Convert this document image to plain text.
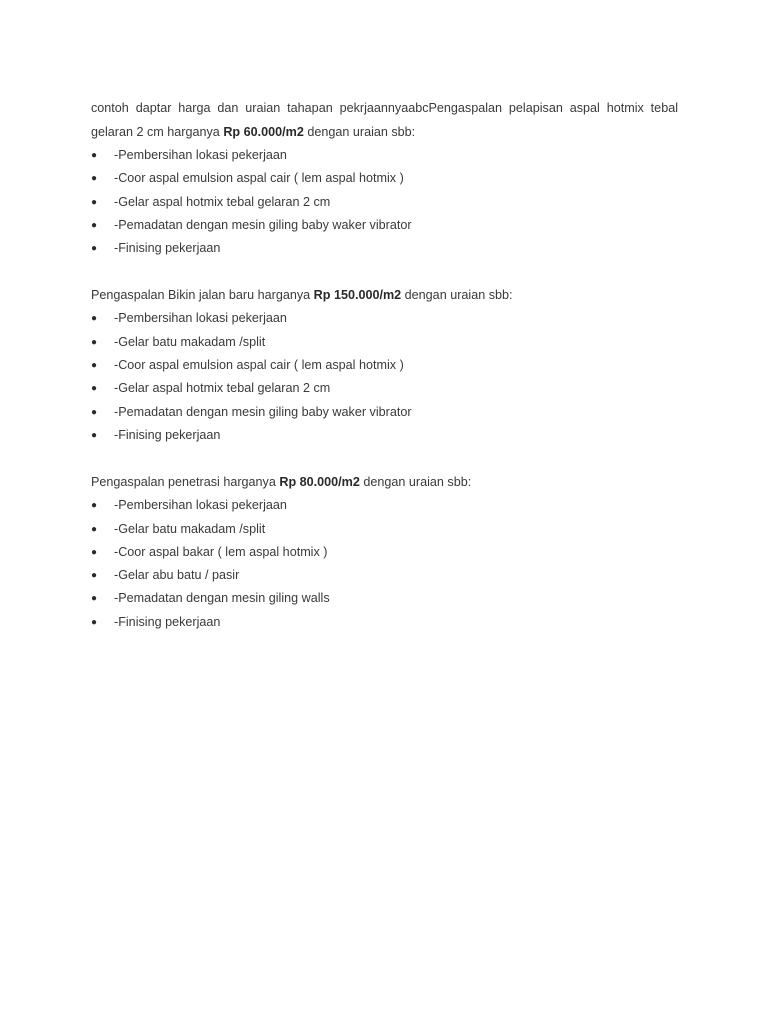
contoh daptar harga dan uraian tahapan pekrjaannyaabcPengaspalan pelapisan aspal hotmix tebal
gelaran 2 cm harganya Rp 60.000/m2 dengan uraian sbb:

● -Pembersihan lokasi pekerjaan
● -Coor aspal emulsion aspal cair ( lem aspal hotmix )
● -Gelar aspal hotmix tebal gelaran 2 cm
● -Pemadatan dengan mesin giling baby waker vibrator
● -Finising pekerjaan

Pengaspalan Bikin jalan baru harganya Rp 150.000/m2 dengan uraian sbb:

● -Pembersihan lokasi pekerjaan
● -Gelar batu makadam /split
● -Coor aspal emulsion aspal cair ( lem aspal hotmix )
● -Gelar aspal hotmix tebal gelaran 2 cm
● -Pemadatan dengan mesin giling baby waker vibrator
● -Finising pekerjaan

Pengaspalan penetrasi harganya Rp 80.000/m2 dengan uraian sbb:

● -Pembersihan lokasi pekerjaan
● -Gelar batu makadam /split
● -Coor aspal bakar ( lem aspal hotmix )
● -Gelar abu batu / pasir
● -Pemadatan dengan mesin giling walls
● -Finising pekerjaan
